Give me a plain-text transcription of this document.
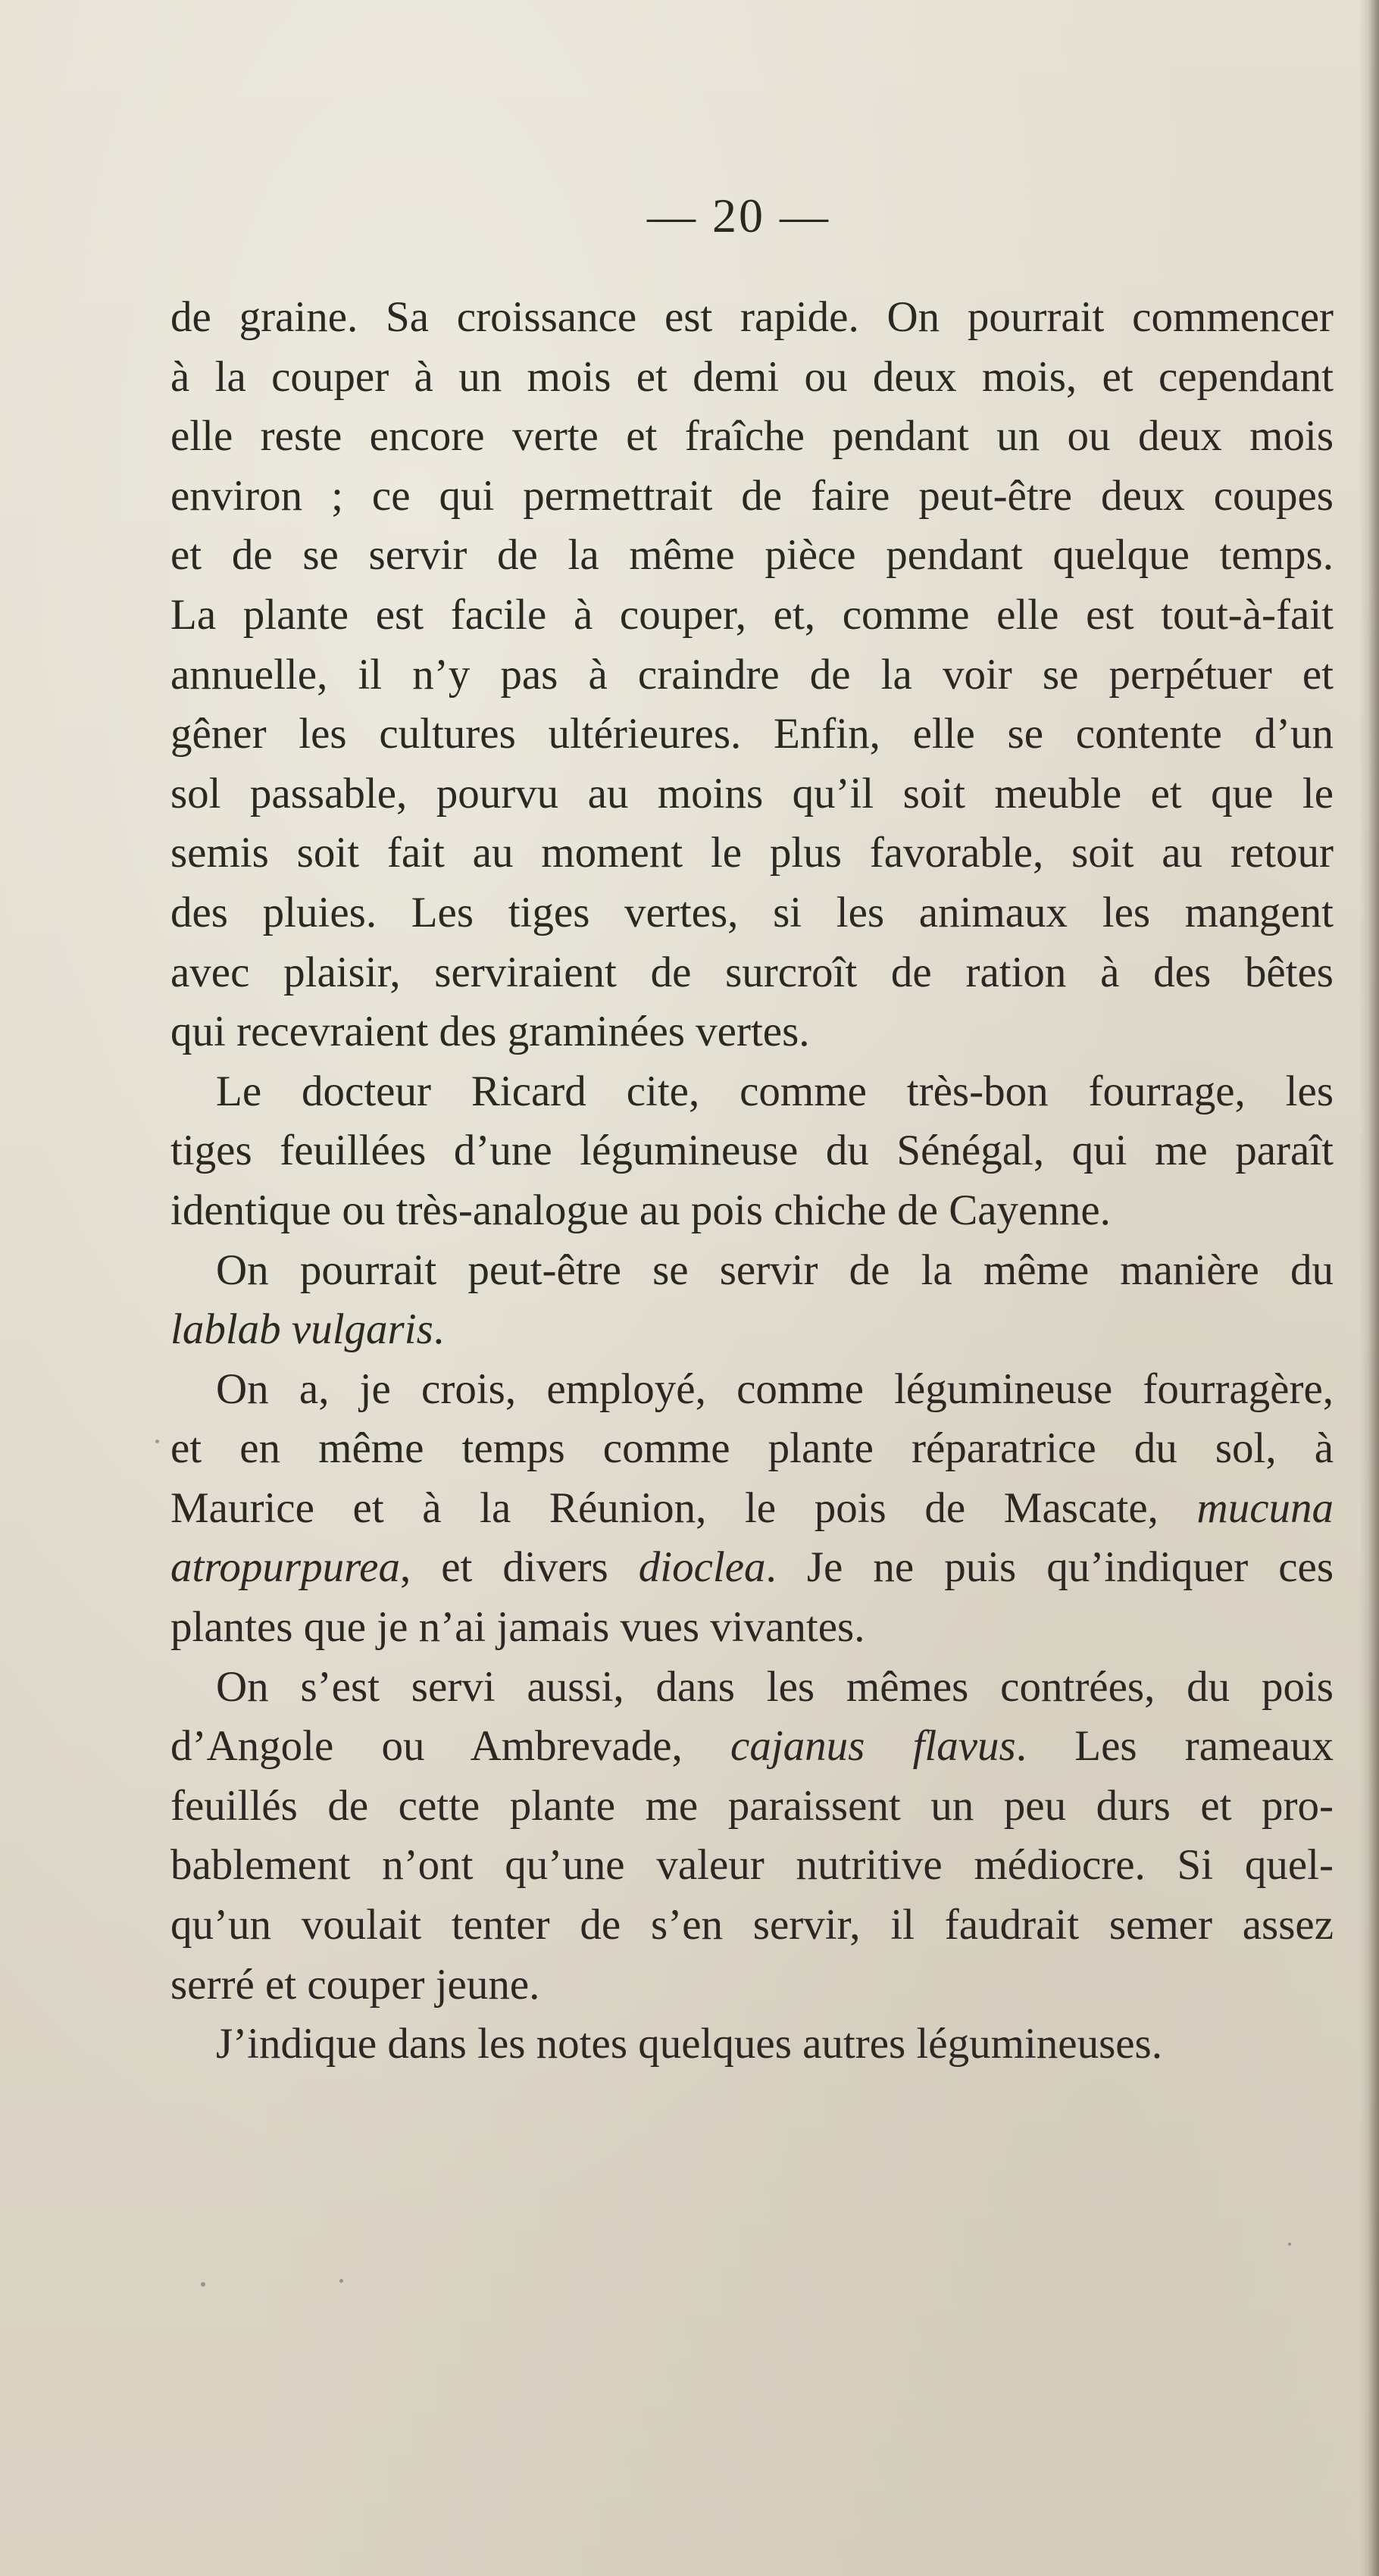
— 20 —

de graine. Sa croissance est rapide. On pourrait commencer

à la couper à un mois et demi ou deux mois, et cependant

elle reste encore verte et fraîche pendant un ou deux mois

environ ; ce qui permettrait de faire peut-être deux coupes

et de se servir de la même pièce pendant quelque temps.

La plante est facile à couper, et, comme elle est tout-à-fait

annuelle, il n’y pas à craindre de la voir se perpétuer et

gêner les cultures ultérieures. Enfin, elle se contente d’un

sol passable, pourvu au moins qu’il soit meuble et que le

semis soit fait au moment le plus favorable, soit au retour

des pluies. Les tiges vertes, si les animaux les mangent

avec plaisir, serviraient de surcroît de ration à des bêtes

qui recevraient des graminées vertes.

Le docteur Ricard cite, comme très-bon fourrage, les

tiges feuillées d’une légumineuse du Sénégal, qui me paraît

identique ou très-analogue au pois chiche de Cayenne.

On pourrait peut-être se servir de la même manière du

lablab vulgaris.

On a, je crois, employé, comme légumineuse fourragère,

et en même temps comme plante réparatrice du sol, à

Maurice et à la Réunion, le pois de Mascate, mucuna

atropurpurea, et divers dioclea. Je ne puis qu’indiquer ces

plantes que je n’ai jamais vues vivantes.

On s’est servi aussi, dans les mêmes contrées, du pois

d’Angole ou Ambrevade, cajanus flavus. Les rameaux

feuillés de cette plante me paraissent un peu durs et pro-

bablement n’ont qu’une valeur nutritive médiocre. Si quel-

qu’un voulait tenter de s’en servir, il faudrait semer assez

serré et couper jeune.

J’indique dans les notes quelques autres légumineuses.
